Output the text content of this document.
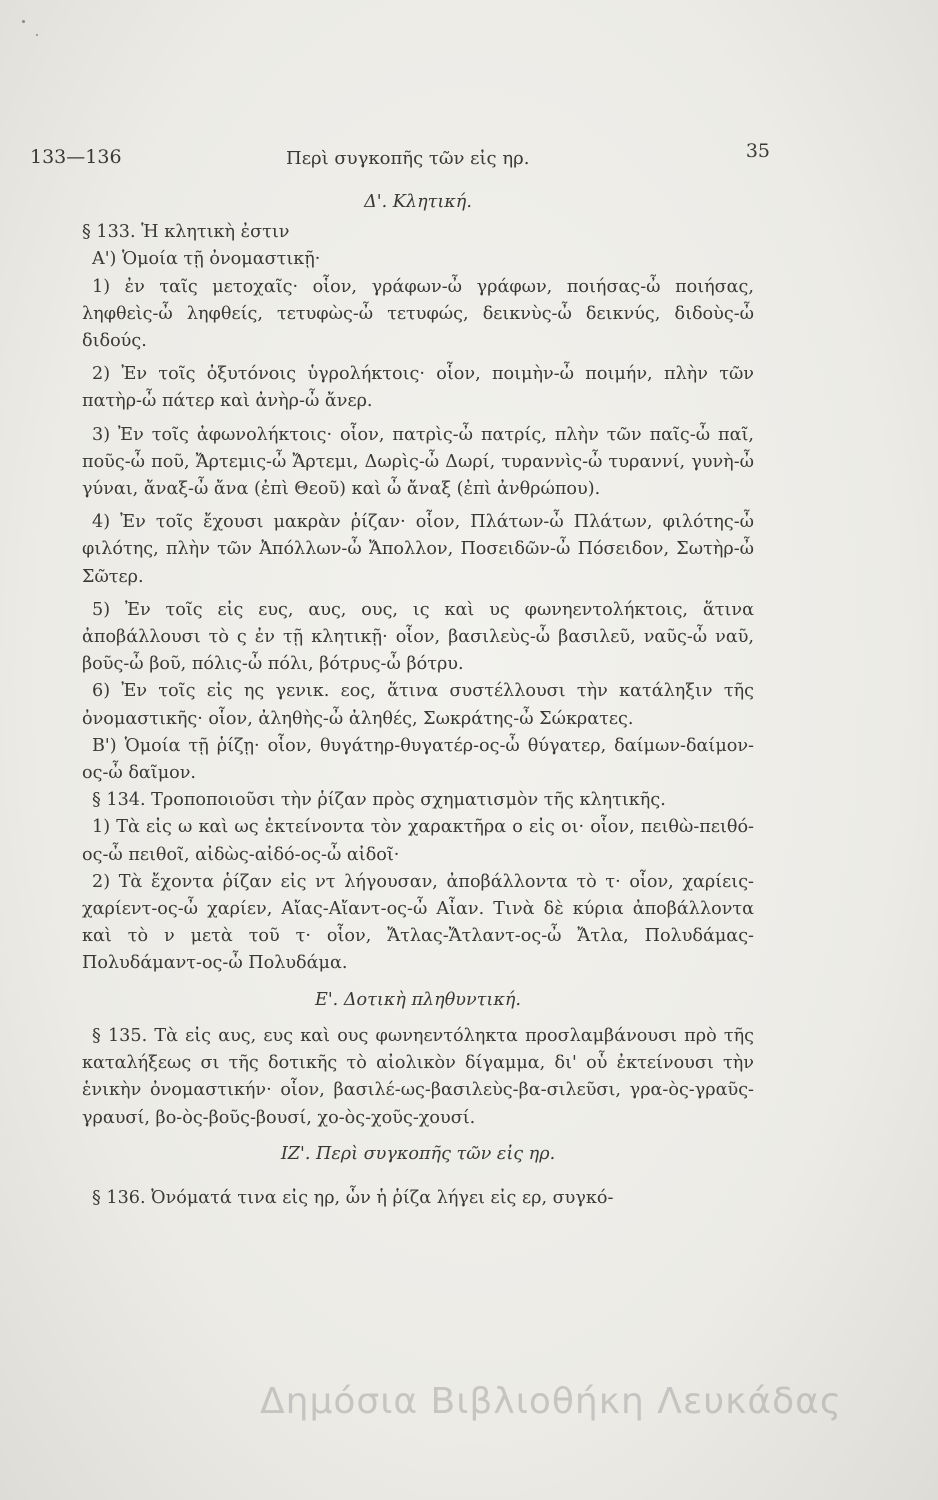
133—136	Περὶ συγκοπῆς τῶν εἰς ηρ.	35

Δ'. Κλητική.

§ 133. Ἡ κλητικὴ ἐστιν

Α') Ὁμοία τῇ ὀνομαστικῇ·

1) ἐν ταῖς μετοχαῖς· οἷον, γράφων-ὦ γράφων, ποιήσας-ὦ ποιήσας, ληφθεὶς-ὦ ληφθείς, τετυφὼς-ὦ τετυφώς, δεικνὺς-ὦ δεικνύς, διδοὺς-ὦ διδούς.

2) Ἐν τοῖς ὀξυτόνοις ὑγρολήκτοις· οἷον, ποιμὴν-ὦ ποιμήν, πλὴν τῶν πατὴρ-ὦ πάτερ καὶ ἀνὴρ-ὦ ἄνερ.

3) Ἐν τοῖς ἀφωνολήκτοις· οἷον, πατρὶς-ὦ πατρίς, πλὴν τῶν παῖς-ὦ παῖ, ποῦς-ὦ ποῦ, Ἄρτεμις-ὦ Ἄρτεμι, Δωρὶς-ὦ Δωρί, τυραννὶς-ὦ τυραννί, γυνὴ-ὦ γύναι, ἄναξ-ὦ ἄνα (ἐπὶ Θεοῦ) καὶ ὦ ἄναξ (ἐπὶ ἀνθρώπου).

4) Ἐν τοῖς ἔχουσι μακρὰν ῥίζαν· οἷον, Πλάτων-ὦ Πλάτων, φιλότης-ὦ φιλότης, πλὴν τῶν Ἀπόλλων-ὦ Ἄπολλον, Ποσειδῶν-ὦ Πόσειδον, Σωτὴρ-ὦ Σῶτερ.

5) Ἐν τοῖς εἰς ευς, αυς, ους, ις καὶ υς φωνηεντολήκτοις, ἅτινα ἀποβάλλουσι τὸ ς ἐν τῇ κλητικῇ· οἷον, βασιλεὺς-ὦ βασιλεῦ, ναῦς-ὦ ναῦ, βοῦς-ὦ βοῦ, πόλις-ὦ πόλι, βότρυς-ὦ βότρυ.

6) Ἐν τοῖς εἰς ης γενικ. εος, ἅτινα συστέλλουσι τὴν κατάληξιν τῆς ὀνομαστικῆς· οἷον, ἀληθὴς-ὦ ἀληθές, Σωκράτης-ὦ Σώκρατες.

Β') Ὁμοία τῇ ῥίζῃ· οἷον, θυγάτηρ-θυγατέρ-ος-ὦ θύγατερ, δαίμων-δαίμον-ος-ὦ δαῖμον.

§ 134. Τροποποιοῦσι τὴν ῥίζαν πρὸς σχηματισμὸν τῆς κλητικῆς.

1) Τὰ εἰς ω καὶ ως ἐκτείνοντα τὸν χαρακτῆρα ο εἰς οι· οἷον, πειθὼ-πειθό-ος-ὦ πειθοῖ, αἰδὼς-αἰδό-ος-ὦ αἰδοῖ·

2) Τὰ ἔχοντα ῥίζαν εἰς ντ λήγουσαν, ἀποβάλλοντα τὸ τ· οἷον, χαρίεις-χαρίεντ-ος-ὦ χαρίεν, Αἴας-Αἴαντ-ος-ὦ Αἶαν. Τινὰ δὲ κύρια ἀποβάλλοντα καὶ τὸ ν μετὰ τοῦ τ· οἷον, Ἄτλας-Ἄτλαντ-ος-ὦ Ἄτλα, Πολυδάμας-Πολυδάμαντ-ος-ὦ Πολυδάμα.

Ε'. Δοτικὴ πληθυντική.

§ 135. Τὰ εἰς αυς, ευς καὶ ους φωνηεντόληκτα προσλαμβάνουσι πρὸ τῆς καταλήξεως σι τῆς δοτικῆς τὸ αἰολικὸν δίγαμμα, δι' οὗ ἐκτείνουσι τὴν ἑνικὴν ὀνομαστικήν· οἷον, βασιλέ-ως-βασιλεὺς-βα-σιλεῦσι, γρα-ὸς-γραῦς-γραυσί, βο-ὸς-βοῦς-βουσί, χο-ὸς-χοῦς-χουσί.

ΙΖ'. Περὶ συγκοπῆς τῶν εἰς ηρ.

§ 136. Ὀνόματά τινα εἰς ηρ, ὧν ἡ ῥίζα λήγει εἰς ερ, συγκό-

Δημόσια Βιβλιοθήκη Λευκάδας
